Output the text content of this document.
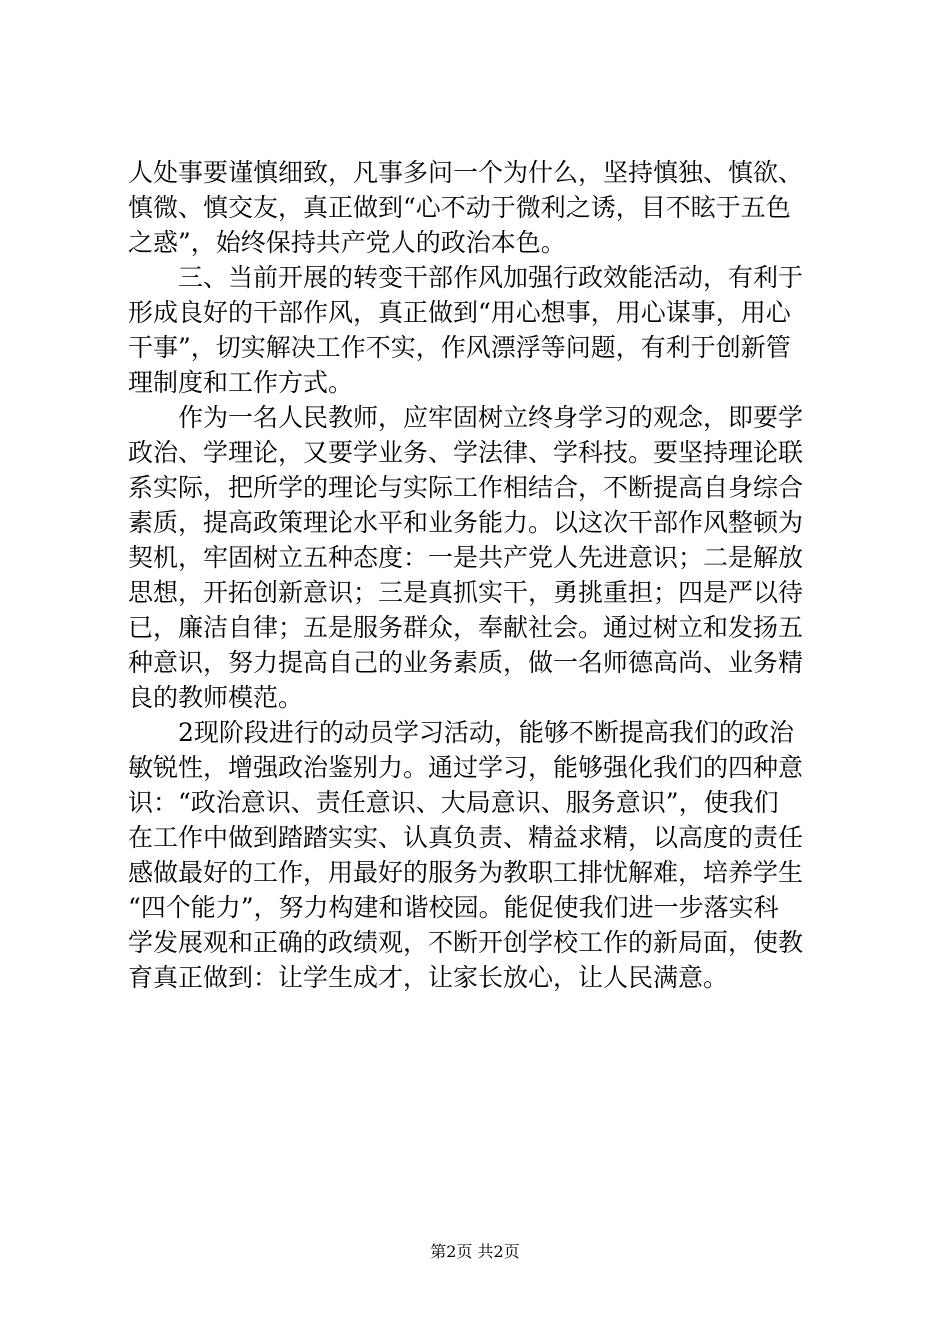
人处事要谨慎细致，凡事多问一个为什么，坚持慎独、慎欲、
慎微、慎交友，真正做到“心不动于微利之诱，目不眩于五色
之惑”，始终保持共产党人的政治本色。
　　三、当前开展的转变干部作风加强行政效能活动，有利于
形成良好的干部作风，真正做到“用心想事，用心谋事，用心
干事”，切实解决工作不实，作风漂浮等问题，有利于创新管
理制度和工作方式。
　　作为一名人民教师，应牢固树立终身学习的观念，即要学
政治、学理论，又要学业务、学法律、学科技。要坚持理论联
系实际，把所学的理论与实际工作相结合，不断提高自身综合
素质，提高政策理论水平和业务能力。以这次干部作风整顿为
契机，牢固树立五种态度：一是共产党人先进意识；二是解放
思想，开拓创新意识；三是真抓实干，勇挑重担；四是严以待
已，廉洁自律；五是服务群众，奉献社会。通过树立和发扬五
种意识，努力提高自己的业务素质，做一名师德高尚、业务精
良的教师模范。
　　2现阶段进行的动员学习活动，能够不断提高我们的政治
敏锐性，增强政治鉴别力。通过学习，能够强化我们的四种意
识：“政治意识、责任意识、大局意识、服务意识”，使我们
在工作中做到踏踏实实、认真负责、精益求精，以高度的责任
感做最好的工作，用最好的服务为教职工排忧解难，培养学生
“四个能力”，努力构建和谐校园。能促使我们进一步落实科
学发展观和正确的政绩观，不断开创学校工作的新局面，使教
育真正做到：让学生成才，让家长放心，让人民满意。
第2页 共2页
